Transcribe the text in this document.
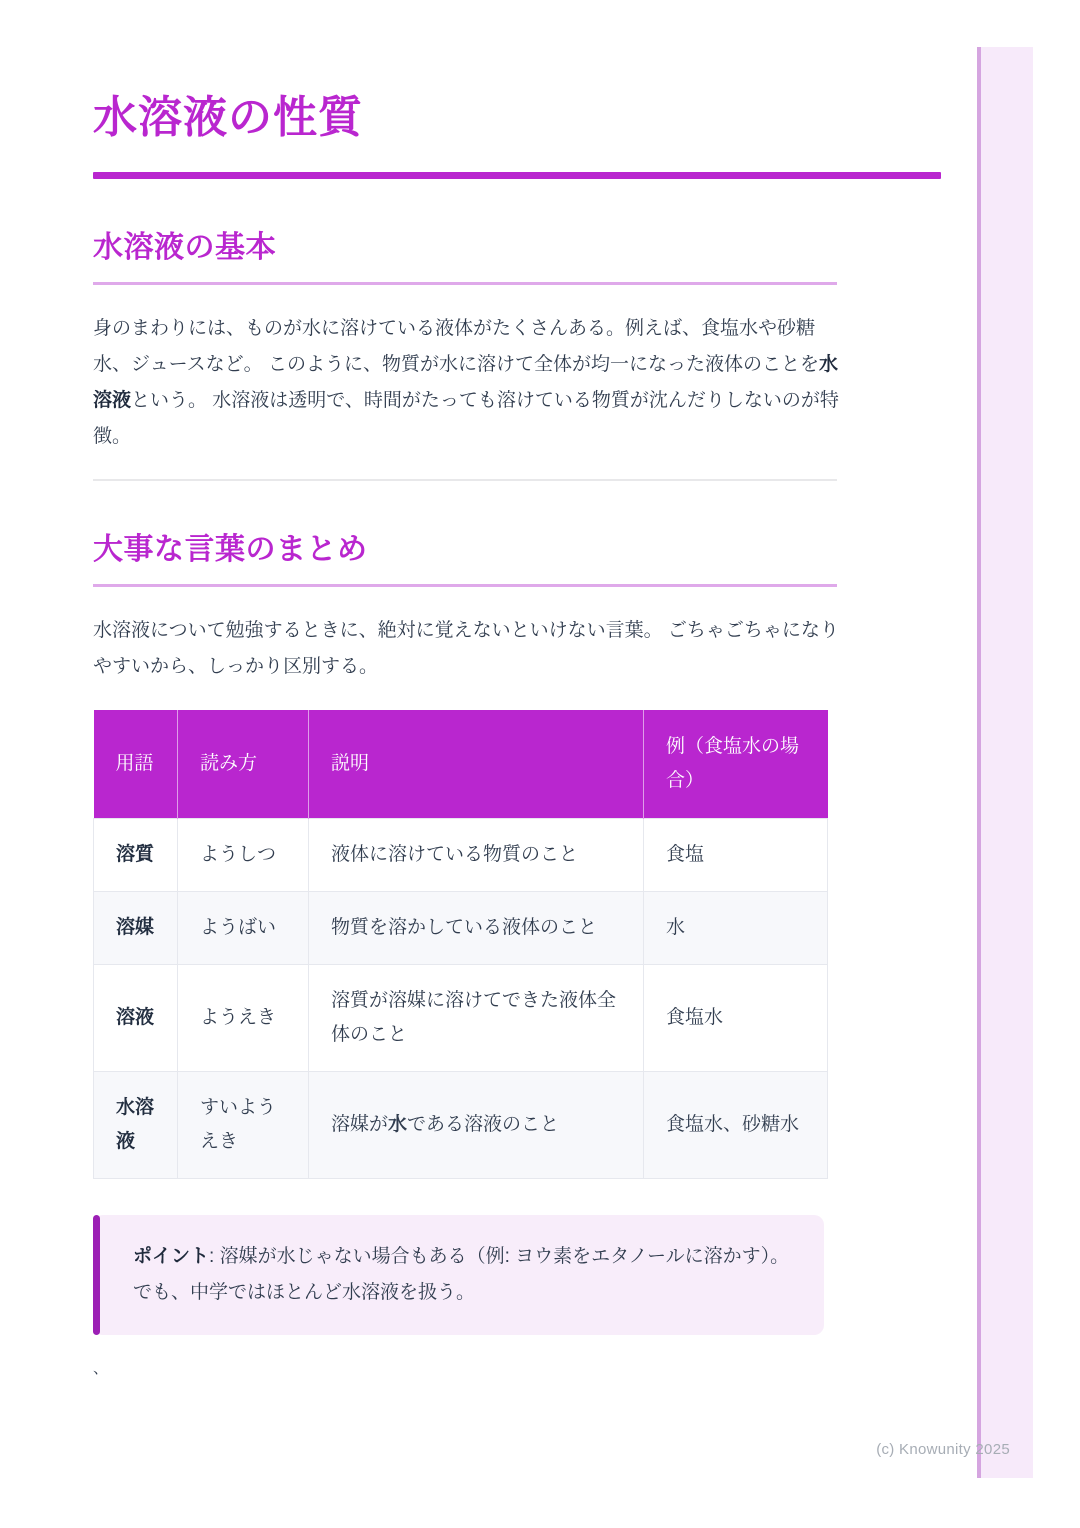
水溶液の性質
水溶液の基本

身のまわりには、ものが水に溶けている液体がたくさんある。例えば、食塩水や砂糖水、ジュースなど。 このように、物質が水に溶けて全体が均一になった液体のことを水溶液という。 水溶液は透明で、時間がたっても溶けている物質が沈んだりしないのが特徴。

大事な言葉のまとめ

水溶液について勉強するときに、絶対に覚えないといけない言葉。 ごちゃごちゃになりやすいから、しっかり区別する。

用語	読み方	説明	例（食塩水の場合）
溶質	ようしつ	液体に溶けている物質のこと	食塩
溶媒	ようばい	物質を溶かしている液体のこと	水
溶液	ようえき	溶質が溶媒に溶けてできた液体全体のこと	食塩水
水溶液	すいようえき	溶媒が水である溶液のこと	食塩水、砂糖水
ポイント: 溶媒が水じゃない場合もある（例: ヨウ素をエタノールに溶かす）。でも、中学ではほとんど水溶液を扱う。
、
(c) Knowunity 2025
